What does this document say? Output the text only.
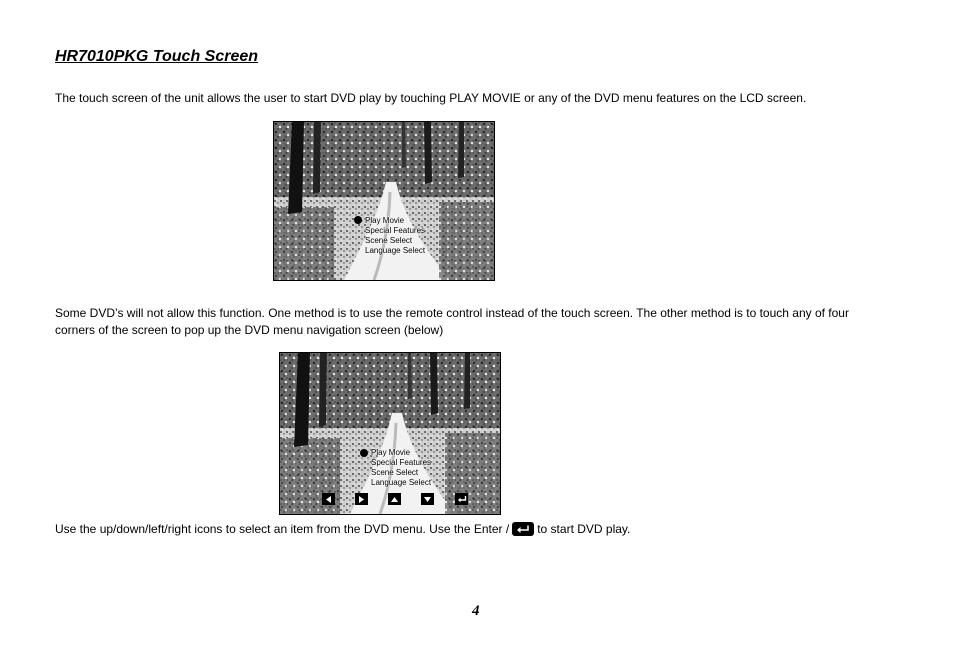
HR7010PKG Touch Screen

The touch screen of the unit allows the user to start DVD play by touching PLAY MOVIE or any of the DVD menu features on the LCD screen.

Play Movie
Special Features
Scene Select
Language Select

Some DVD’s will not allow this function. One method is to use the remote control instead of the touch screen. The other method is to touch any of four corners of the screen to pop up the DVD menu navigation screen (below)

Play Movie
Special Features
Scene Select
Language Select

Use the up/down/left/right icons to select an item from the DVD menu. Use the Enter / to start DVD play.

4
